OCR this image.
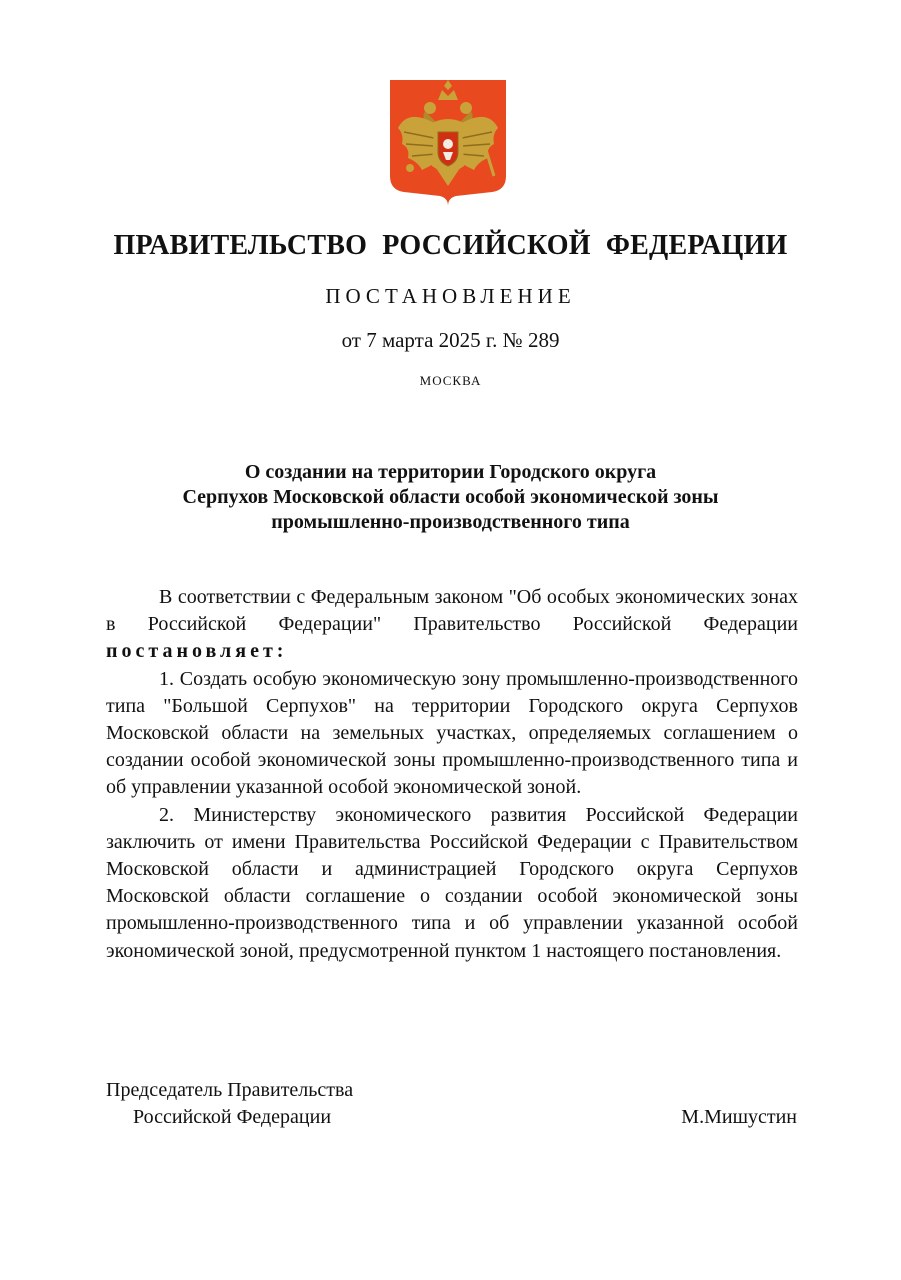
ПРАВИТЕЛЬСТВО РОССИЙСКОЙ ФЕДЕРАЦИИ
ПОСТАНОВЛЕНИЕ
от 7 марта 2025 г. № 289
МОСКВА
О создании на территории Городского округа
Серпухов Московской области особой экономической зоны
промышленно-производственного типа

В соответствии с Федеральным законом "Об особых экономических зонах в Российской Федерации" Правительство Российской Федерации постановляет:

1. Создать особую экономическую зону промышленно-производственного типа "Большой Серпухов" на территории Городского округа Серпухов Московской области на земельных участках, определяемых соглашением о создании особой экономической зоны промышленно-производственного типа и об управлении указанной особой экономической зоной.

2. Министерству экономического развития Российской Федерации заключить от имени Правительства Российской Федерации с Правительством Московской области и администрацией Городского округа Серпухов Московской области соглашение о создании особой экономической зоны промышленно-производственного типа и об управлении указанной особой экономической зоной, предусмотренной пунктом 1 настоящего постановления.

Председатель Правительства
Российской Федерации	М.Мишустин
